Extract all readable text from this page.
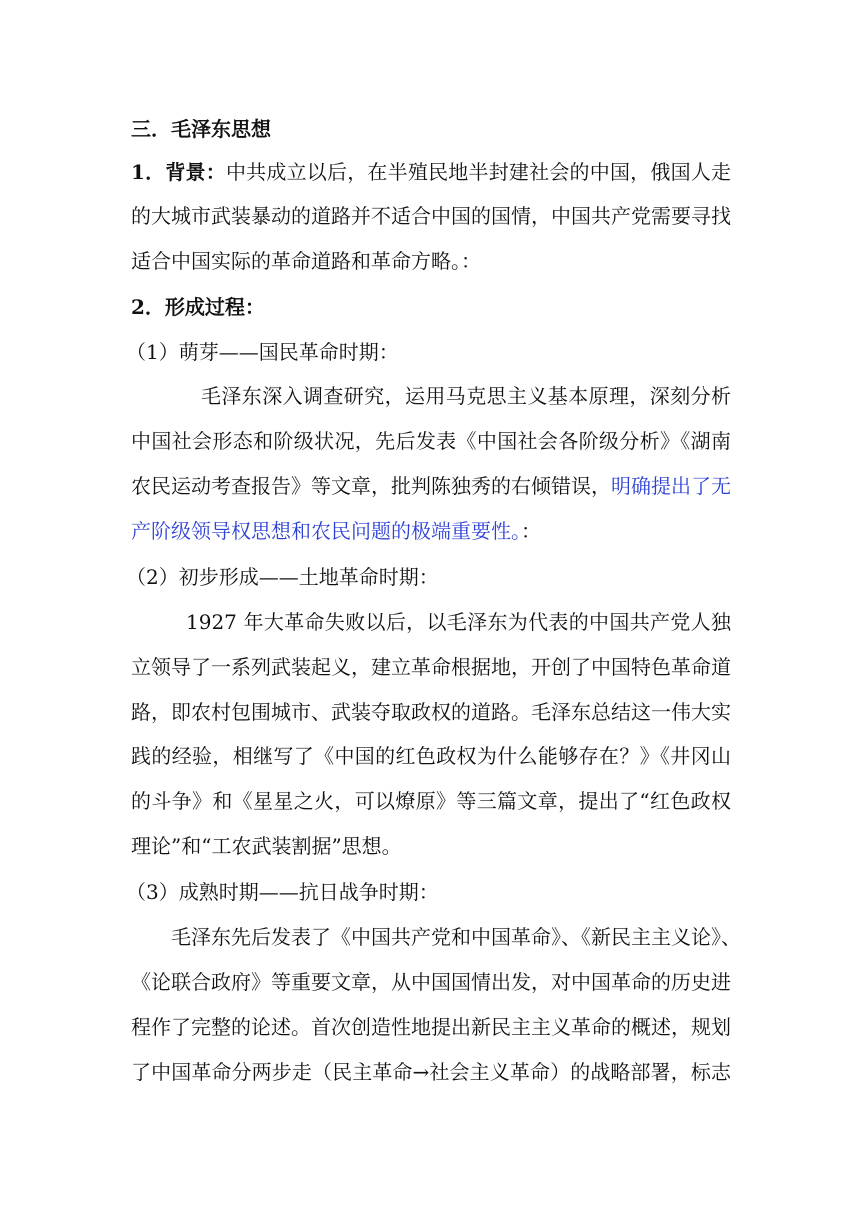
三．毛泽东思想
1．背景：中共成立以后，在半殖民地半封建社会的中国，俄国人走
的大城市武装暴动的道路并不适合中国的国情，中国共产党需要寻找
适合中国实际的革命道路和革命方略。：
2．形成过程：
（1）萌芽——国民革命时期：
毛泽东深入调查研究，运用马克思主义基本原理，深刻分析
中国社会形态和阶级状况，先后发表《中国社会各阶级分析》《湖南
农民运动考查报告》等文章，批判陈独秀的右倾错误，明确提出了无
产阶级领导权思想和农民问题的极端重要性。：
（2）初步形成——土地革命时期：
1927 年大革命失败以后，以毛泽东为代表的中国共产党人独
立领导了一系列武装起义，建立革命根据地，开创了中国特色革命道
路，即农村包围城市、武装夺取政权的道路。毛泽东总结这一伟大实
践的经验，相继写了《中国的红色政权为什么能够存在？》《井冈山
的斗争》和《星星之火，可以燎原》等三篇文章，提出了“红色政权
理论”和“工农武装割据”思想。
（3）成熟时期——抗日战争时期：
毛泽东先后发表了《中国共产党和中国革命》、《新民主主义论》、
《论联合政府》等重要文章，从中国国情出发，对中国革命的历史进
程作了完整的论述。首次创造性地提出新民主主义革命的概述，规划
了中国革命分两步走（民主革命→社会主义革命）的战略部署，标志
